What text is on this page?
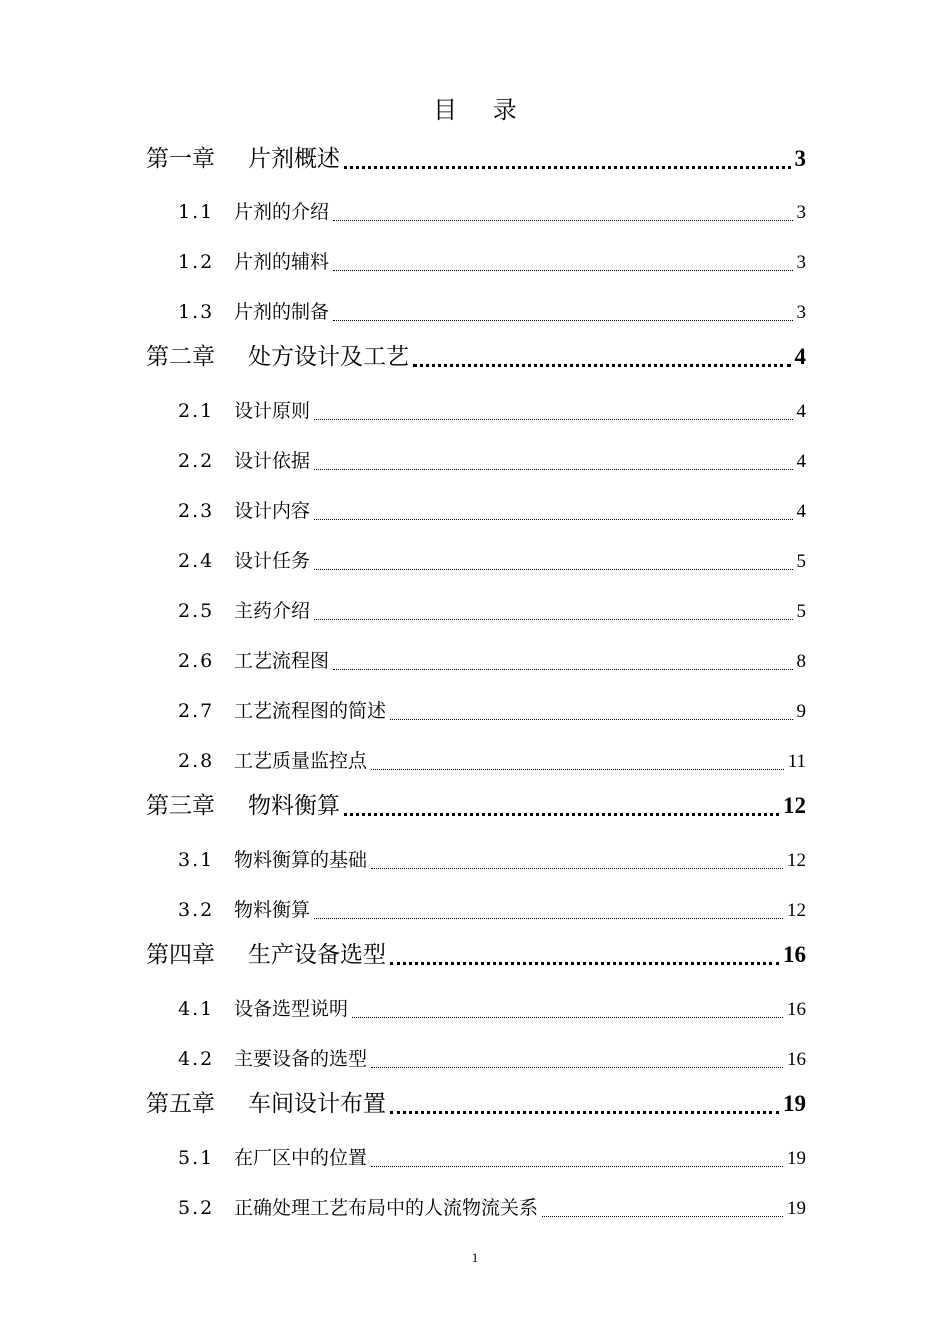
目 录
第一章	片剂概述	3
1.1	片剂的介绍	3
1.2	片剂的辅料	3
1.3	片剂的制备	3
第二章	处方设计及工艺	4
2.1	设计原则	4
2.2	设计依据	4
2.3	设计内容	4
2.4	设计任务	5
2.5	主药介绍	5
2.6	工艺流程图	8
2.7	工艺流程图的简述	9
2.8	工艺质量监控点	11
第三章	物料衡算	12
3.1	物料衡算的基础	12
3.2	物料衡算	12
第四章	生产设备选型	16
4.1	设备选型说明	16
4.2	主要设备的选型	16
第五章	车间设计布置	19
5.1	在厂区中的位置	19
5.2	正确处理工艺布局中的人流物流关系	19
1
